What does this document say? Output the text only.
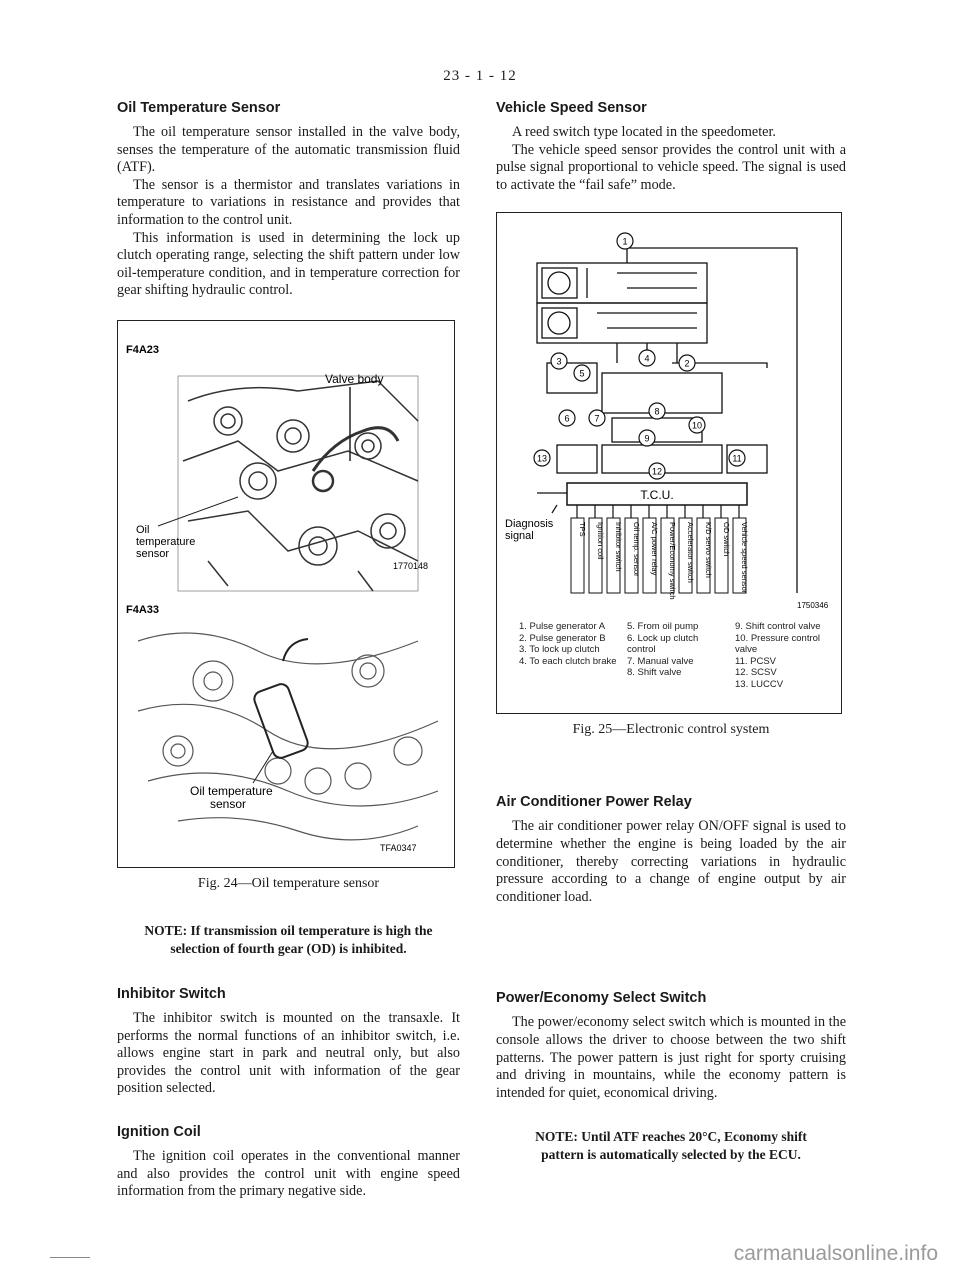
23 - 1 - 12
Oil Temperature Sensor

The oil temperature sensor installed in the valve body, senses the temperature of the automatic transmission fluid (ATF).

The sensor is a thermistor and translates variations in temperature to variations in resistance and provides that information to the control unit.

This information is used in determining the lock up clutch operating range, selecting the shift pattern under low oil-temperature condition, and in temperature correction for gear shifting hydraulic control.

F4A23
Valve body
Oil
temperature
sensor
1770148
F4A33
Oil temperature
sensor
TFA0347
Fig. 24—Oil temperature sensor
NOTE: If transmission oil temperature is high the
selection of fourth gear (OD) is inhibited.
Inhibitor Switch

The inhibitor switch is mounted on the transaxle. It performs the normal functions of an inhibitor switch, i.e. allows engine start in park and neutral only, but also provides the control unit with information of the gear position selected.

Ignition Coil

The ignition coil operates in the conventional manner and also provides the control unit with engine speed information from the primary negative side.

Vehicle Speed Sensor

A reed switch type located in the speedometer.

The vehicle speed sensor provides the control unit with a pulse signal proportional to vehicle speed. The signal is used to activate the “fail safe” mode.

1
2
3	4
5
6	7
8
9
10
11
12
13
T.C.U.
Diagnosis
signal	TPS Ignition coil Inhibitor switch Oil temp. sensor A/C power relay Power/Economy switch Accelerator switch K/D servo switch OD switch Vehicle speed sensor
1750346
1. Pulse generator A
2. Pulse generator B
3. To lock up clutch
4. To each clutch brake
5. From oil pump
6. Lock up clutch
control
7. Manual valve
8. Shift valve
9. Shift control valve
10. Pressure control
valve
11. PCSV
12. SCSV
13. LUCCV
Fig. 25—Electronic control system
Air Conditioner Power Relay

The air conditioner power relay ON/OFF signal is used to determine whether the engine is being loaded by the air conditioner, thereby correcting variations in hydraulic pressure according to a change of engine output by air conditioner load.

Power/Economy Select Switch

The power/economy select switch which is mounted in the console allows the driver to choose between the two shift patterns. The power pattern is just right for sporty cruising and driving in mountains, while the economy pattern is intended for quiet, economical driving.

NOTE: Until ATF reaches 20°C, Economy shift
pattern is automatically selected by the ECU.
carmanualsonline.info
